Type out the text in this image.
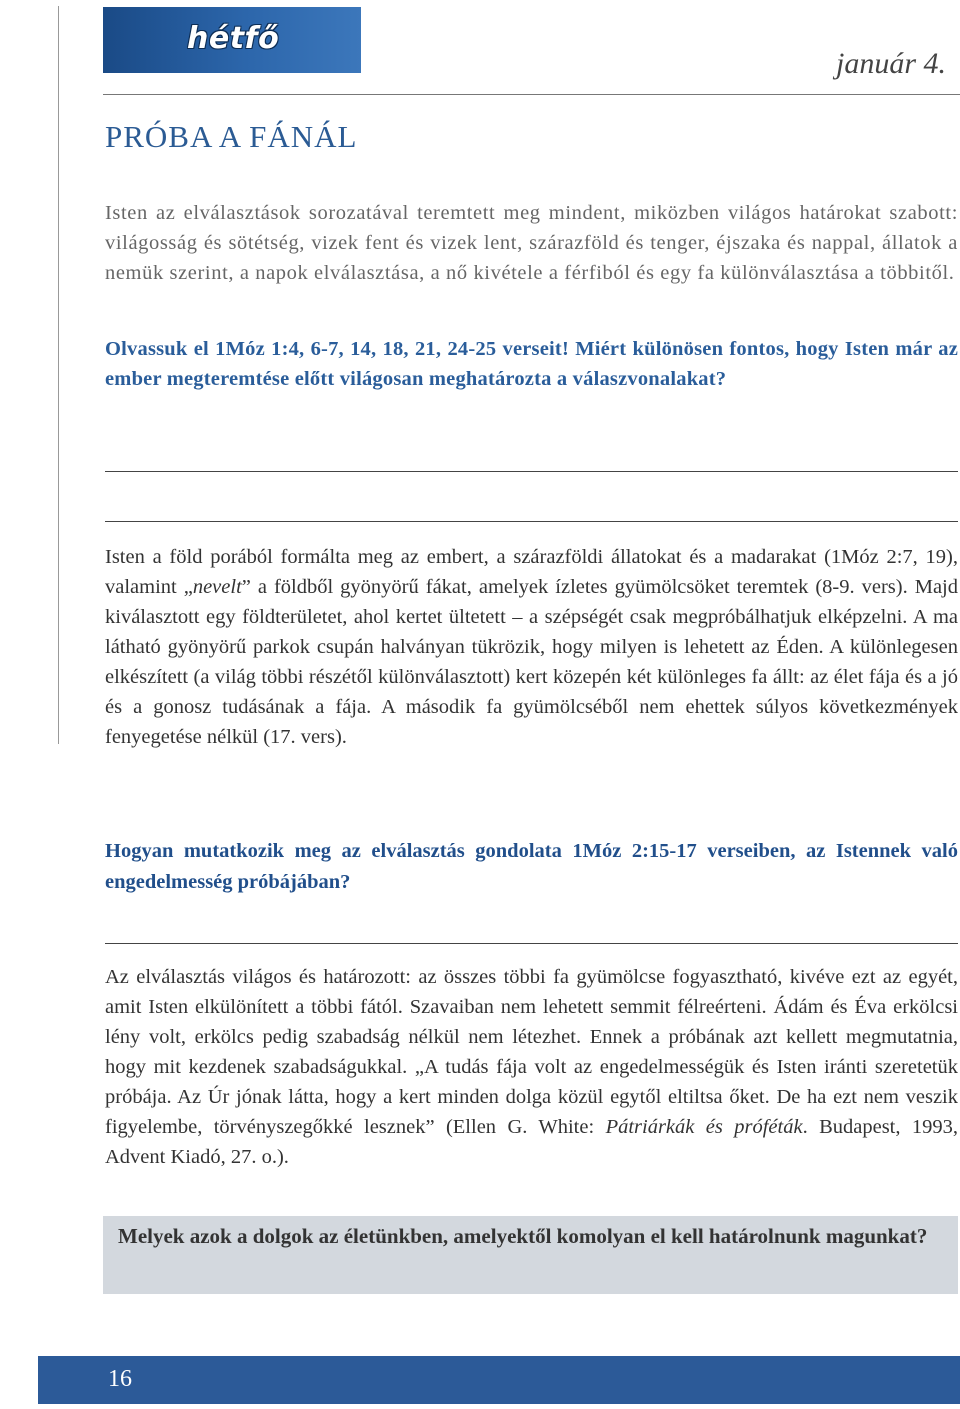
hétfő
január 4.
PRÓBA A FÁNÁL

Isten az elválasztások sorozatával teremtett meg mindent, miközben világos határokat szabott: világosság és sötétség, vizek fent és vizek lent, szárazföld és tenger, éjszaka és nappal, állatok a nemük szerint, a napok elválasztása, a nő kivétele a férfiból és egy fa különválasztása a többitől.

Olvassuk el 1Móz 1:4, 6-7, 14, 18, 21, 24-25 verseit! Miért különösen fontos, hogy Isten már az ember megteremtése előtt világosan meghatározta a válaszvonalakat?

Isten a föld porából formálta meg az embert, a szárazföldi állatokat és a madarakat (1Móz 2:7, 19), valamint „nevelt” a földből gyönyörű fákat, amelyek ízletes gyümölcsöket teremtek (8-9. vers). Majd kiválasztott egy földterületet, ahol kertet ültetett – a szépségét csak megpróbálhatjuk elképzelni. A ma látható gyönyörű parkok csupán halványan tükrözik, hogy milyen is lehetett az Éden. A különlegesen elkészített (a világ többi részétől különválasztott) kert közepén két különleges fa állt: az élet fája és a jó és a gonosz tudásának a fája. A második fa gyümölcséből nem ehettek súlyos következmények fenyegetése nélkül (17. vers).

Hogyan mutatkozik meg az elválasztás gondolata 1Móz 2:15-17 verseiben, az Istennek való engedelmesség próbájában?

Az elválasztás világos és határozott: az összes többi fa gyümölcse fogyasztható, kivéve ezt az egyét, amit Isten elkülönített a többi fától. Szavaiban nem lehetett semmit félreérteni. Ádám és Éva erkölcsi lény volt, erkölcs pedig szabadság nélkül nem létezhet. Ennek a próbának azt kellett megmutatnia, hogy mit kezdenek szabadságukkal. „A tudás fája volt az engedelmességük és Isten iránti szeretetük próbája. Az Úr jónak látta, hogy a kert minden dolga közül egytől eltiltsa őket. De ha ezt nem veszik figyelembe, törvényszegőkké lesznek” (Ellen G. White: Pátriárkák és próféták. Budapest, 1993, Advent Kiadó, 27. o.).

Melyek azok a dolgok az életünkben, amelyektől komolyan el kell határolnunk magunkat?

16
